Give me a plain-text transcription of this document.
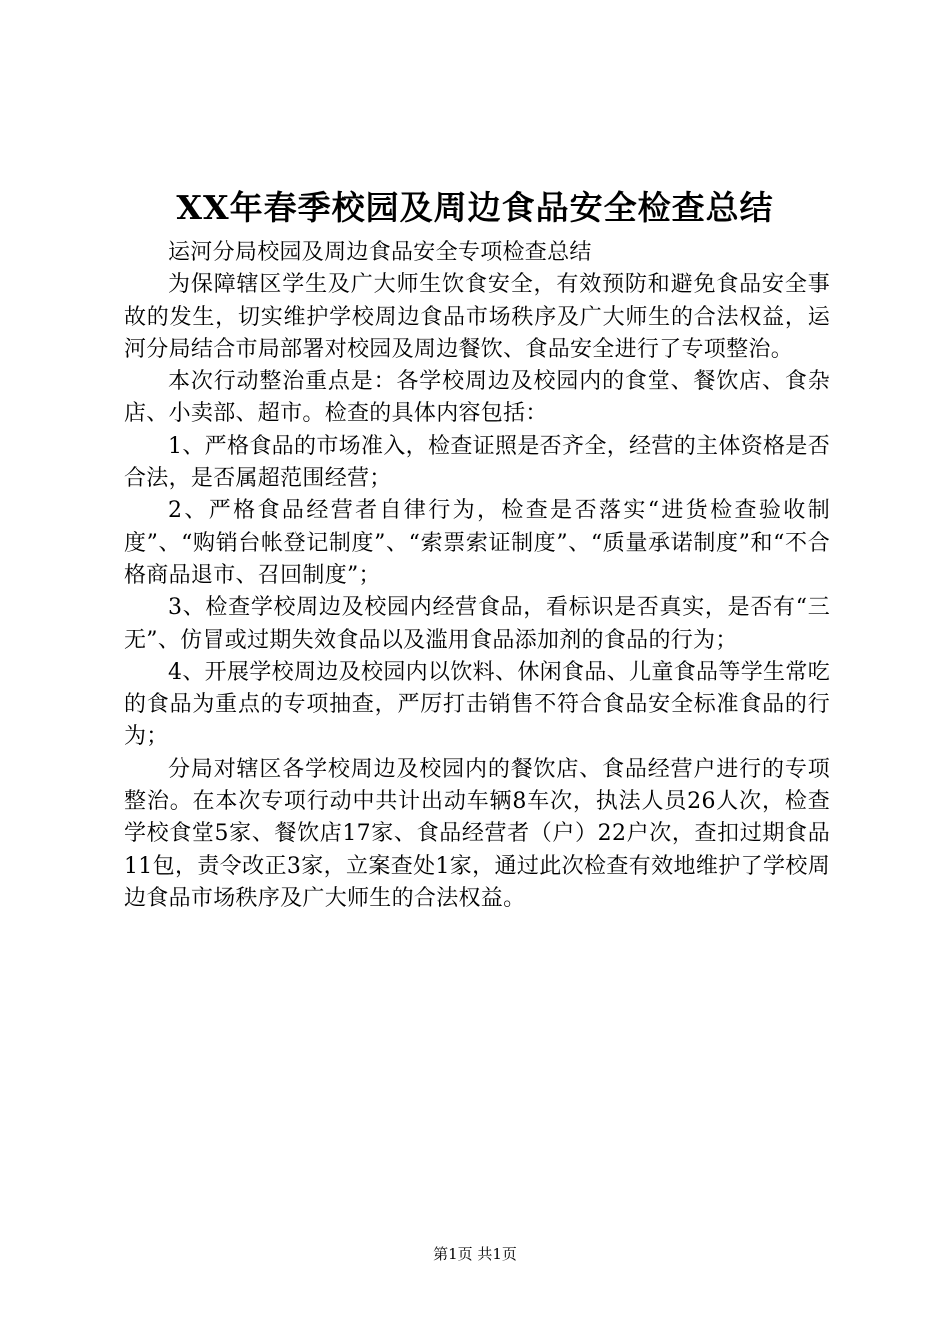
XX年春季校园及周边食品安全检查总结

运河分局校园及周边食品安全专项检查总结

为保障辖区学生及广大师生饮食安全，有效预防和避免食品安全事故的发生，切实维护学校周边食品市场秩序及广大师生的合法权益，运河分局结合市局部署对校园及周边餐饮、食品安全进行了专项整治。

本次行动整治重点是：各学校周边及校园内的食堂、餐饮店、食杂店、小卖部、超市。检查的具体内容包括：

1、严格食品的市场准入，检查证照是否齐全，经营的主体资格是否合法，是否属超范围经营；

2、严格食品经营者自律行为，检查是否落实“进货检查验收制度”、“购销台帐登记制度”、“索票索证制度”、“质量承诺制度”和“不合格商品退市、召回制度”；

3、检查学校周边及校园内经营食品，看标识是否真实，是否有“三无”、仿冒或过期失效食品以及滥用食品添加剂的食品的行为；

4、开展学校周边及校园内以饮料、休闲食品、儿童食品等学生常吃的食品为重点的专项抽查，严厉打击销售不符合食品安全标准食品的行为；

分局对辖区各学校周边及校园内的餐饮店、食品经营户进行的专项整治。在本次专项行动中共计出动车辆8车次，执法人员26人次，检查学校食堂5家、餐饮店17家、食品经营者（户）22户次，查扣过期食品11包，责令改正3家，立案查处1家，通过此次检查有效地维护了学校周边食品市场秩序及广大师生的合法权益。

第1页 共1页
